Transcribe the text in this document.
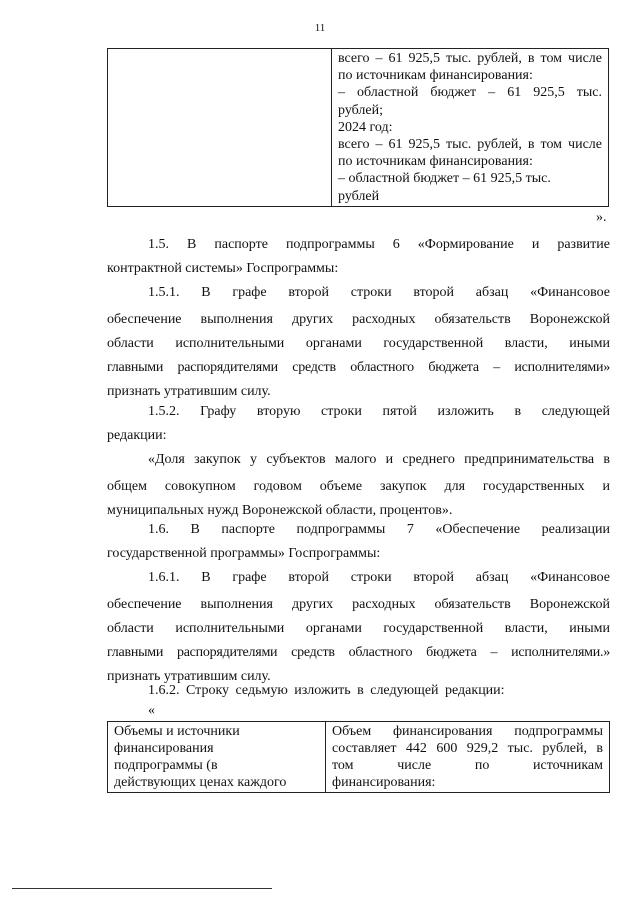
11

всего – 61 925,5 тыс. рублей, в том числе
по источникам финансирования:
– областной бюджет – 61 925,5 тыс.
рублей;
2024 год:
всего – 61 925,5 тыс. рублей, в том числе
по источникам финансирования:
– областной бюджет – 61 925,5 тыс.
рублей
».
1.5. В паспорте подпрограммы 6 «Формирование и развитие
контрактной системы» Госпрограммы:
1.5.1. В графе второй строки второй абзац «Финансовое
обеспечение выполнения других расходных обязательств Воронежской
области исполнительными органами государственной власти, иными
главными распорядителями средств областного бюджета – исполнителями»
признать утратившим силу.
1.5.2. Графу вторую строки пятой изложить в следующей
редакции:
«Доля закупок у субъектов малого и среднего предпринимательства в
общем совокупном годовом объеме закупок для государственных и
муниципальных нужд Воронежской области, процентов».
1.6. В паспорте подпрограммы 7 «Обеспечение реализации
государственной программы» Госпрограммы:
1.6.1. В графе второй строки второй абзац «Финансовое
обеспечение выполнения других расходных обязательств Воронежской
области исполнительными органами государственной власти, иными
главными распорядителями средств областного бюджета – исполнителями.»
признать утратившим силу.
1.6.2. Строку седьмую изложить в следующей редакции:
«
Объемы и источники
финансирования
подпрограммы (в
действующих ценах каждого

Объем финансирования подпрограммы
составляет 442 600 929,2 тыс. рублей, в
том числе по источникам
финансирования:
